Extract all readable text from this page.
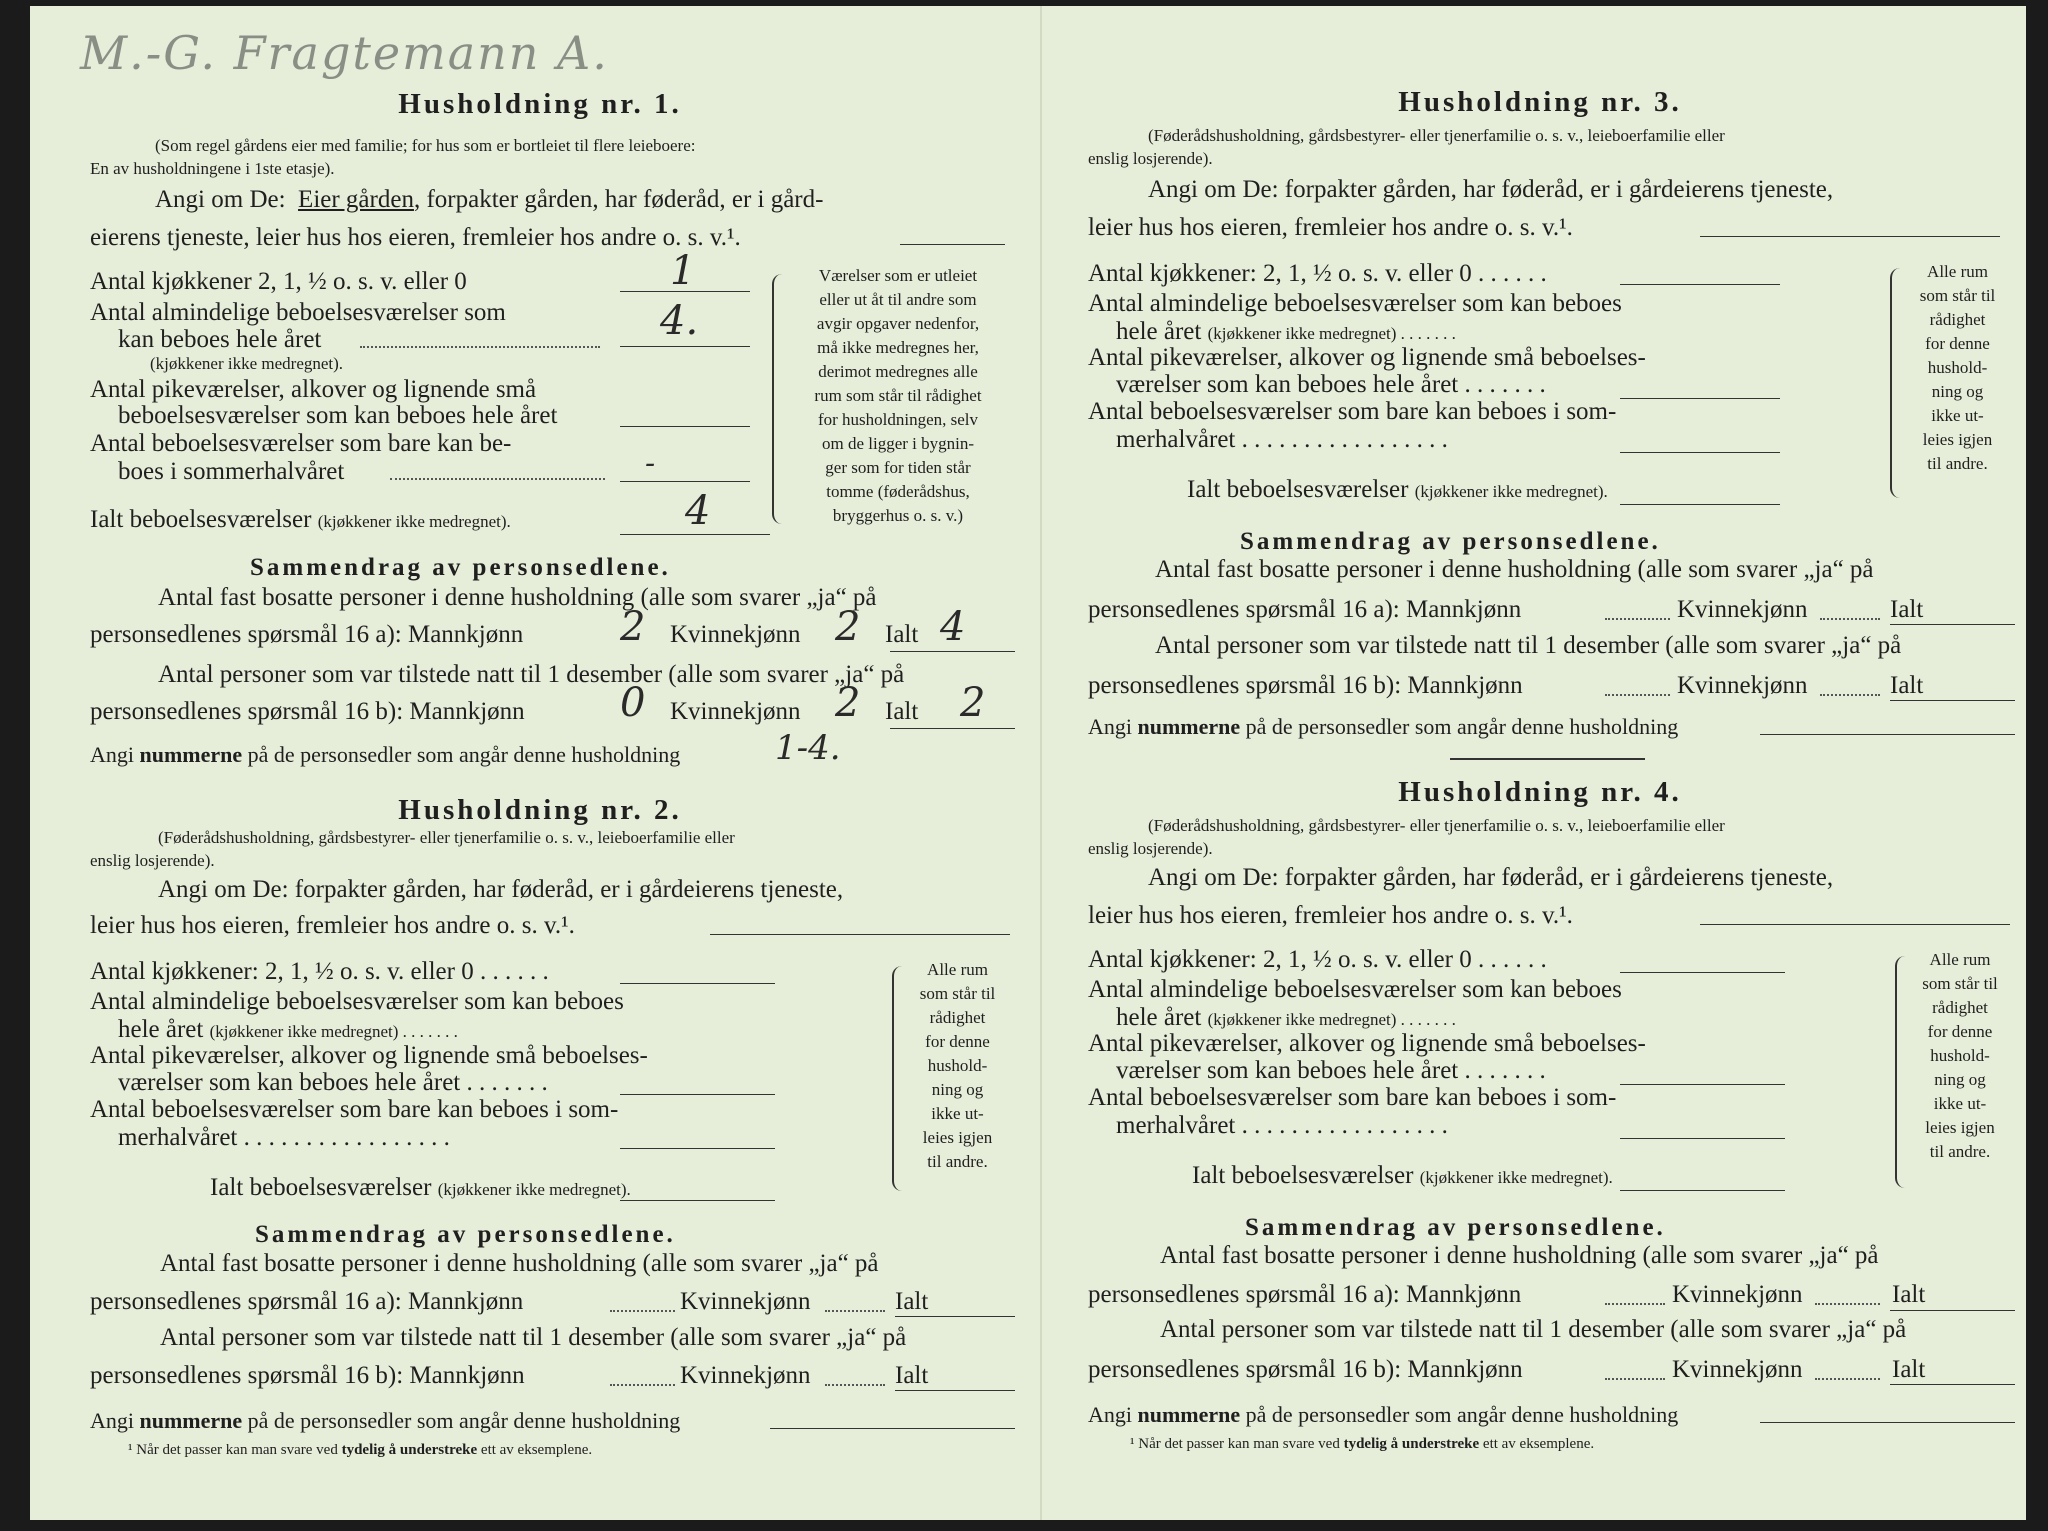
M.-G. Fragtemann A.
Husholdning nr. 1.
(Som regel gårdens eier med familie; for hus som er bortleiet til flere leieboere:
En av husholdningene i 1ste etasje).
Angi om De: Eier gården, forpakter gården, har føderåd, er i gård-
eierens tjeneste, leier hus hos eieren, fremleier hos andre o. s. v.¹.
Antal kjøkkener 2, 1, ½ o. s. v. eller 0	1
Antal almindelige beboelsesværelser som
kan beboes hele året
(kjøkkener ikke medregnet).
4.
Antal pikeværelser, alkover og lignende små
beboelsesværelser som kan beboes hele året
Antal beboelsesværelser som bare kan be-
boes i sommerhalvåret	-
Ialt beboelsesværelser (kjøkkener ikke medregnet).	4
Værelser som er utleiet
eller ut åt til andre som
avgir opgaver nedenfor,
må ikke medregnes her,
derimot medregnes alle
rum som står til rådighet
for husholdningen, selv
om de ligger i bygnin-
ger som for tiden står
tomme (føderådshus,
bryggerhus o. s. v.)
Sammendrag av personsedlene.
Antal fast bosatte personer i denne husholdning (alle som svarer „ja“ på
personsedlenes spørsmål 16 a): Mannkjønn 2 Kvinnekjønn 2 Ialt 4
Antal personer som var tilstede natt til 1 desember (alle som svarer „ja“ på
personsedlenes spørsmål 16 b): Mannkjønn 0 Kvinnekjønn 2 Ialt 2
Angi nummerne på de personsedler som angår denne husholdning	1-4.
Husholdning nr. 2.
(Føderådshusholdning, gårdsbestyrer- eller tjenerfamilie o. s. v., leieboerfamilie eller
enslig losjerende).
Angi om De: forpakter gården, har føderåd, er i gårdeierens tjeneste,
leier hus hos eieren, fremleier hos andre o. s. v.¹.
Antal kjøkkener: 2, 1, ½ o. s. v. eller 0 . . . . . .
Antal almindelige beboelsesværelser som kan beboes
hele året (kjøkkener ikke medregnet) . . . . . . .
Antal pikeværelser, alkover og lignende små beboelses-
værelser som kan beboes hele året . . . . . . .
Antal beboelsesværelser som bare kan beboes i som-
merhalvåret . . . . . . . . . . . . . . . . .
Ialt beboelsesværelser (kjøkkener ikke medregnet).
Alle rum
som står til
rådighet
for denne
hushold-
ning og
ikke ut-
leies igjen
til andre.
Sammendrag av personsedlene.
Antal fast bosatte personer i denne husholdning (alle som svarer „ja“ på
personsedlenes spørsmål 16 a): Mannkjønn	Kvinnekjønn	Ialt
Antal personer som var tilstede natt til 1 desember (alle som svarer „ja“ på
personsedlenes spørsmål 16 b): Mannkjønn	Kvinnekjønn	Ialt
Angi nummerne på de personsedler som angår denne husholdning
¹ Når det passer kan man svare ved tydelig å understreke ett av eksemplene.
Husholdning nr. 3.
(Føderådshusholdning, gårdsbestyrer- eller tjenerfamilie o. s. v., leieboerfamilie eller
enslig losjerende).
Angi om De: forpakter gården, har føderåd, er i gårdeierens tjeneste,
leier hus hos eieren, fremleier hos andre o. s. v.¹.
Antal kjøkkener: 2, 1, ½ o. s. v. eller 0 . . . . . .
Antal almindelige beboelsesværelser som kan beboes
hele året (kjøkkener ikke medregnet) . . . . . . .
Antal pikeværelser, alkover og lignende små beboelses-
værelser som kan beboes hele året . . . . . . .
Antal beboelsesværelser som bare kan beboes i som-
merhalvåret . . . . . . . . . . . . . . . . .
Ialt beboelsesværelser (kjøkkener ikke medregnet).
Alle rum
som står til
rådighet
for denne
hushold-
ning og
ikke ut-
leies igjen
til andre.
Sammendrag av personsedlene.
Antal fast bosatte personer i denne husholdning (alle som svarer „ja“ på
personsedlenes spørsmål 16 a): Mannkjønn	Kvinnekjønn	Ialt
Antal personer som var tilstede natt til 1 desember (alle som svarer „ja“ på
personsedlenes spørsmål 16 b): Mannkjønn	Kvinnekjønn	Ialt
Angi nummerne på de personsedler som angår denne husholdning
Husholdning nr. 4.
(Føderådshusholdning, gårdsbestyrer- eller tjenerfamilie o. s. v., leieboerfamilie eller
enslig losjerende).
Angi om De: forpakter gården, har føderåd, er i gårdeierens tjeneste,
leier hus hos eieren, fremleier hos andre o. s. v.¹.
Antal kjøkkener: 2, 1, ½ o. s. v. eller 0 . . . . . .
Antal almindelige beboelsesværelser som kan beboes
hele året (kjøkkener ikke medregnet) . . . . . . .
Antal pikeværelser, alkover og lignende små beboelses-
værelser som kan beboes hele året . . . . . . .
Antal beboelsesværelser som bare kan beboes i som-
merhalvåret . . . . . . . . . . . . . . . . .
Ialt beboelsesværelser (kjøkkener ikke medregnet).
Alle rum
som står til
rådighet
for denne
hushold-
ning og
ikke ut-
leies igjen
til andre.
Sammendrag av personsedlene.
Antal fast bosatte personer i denne husholdning (alle som svarer „ja“ på
personsedlenes spørsmål 16 a): Mannkjønn	Kvinnekjønn	Ialt
Antal personer som var tilstede natt til 1 desember (alle som svarer „ja“ på
personsedlenes spørsmål 16 b): Mannkjønn	Kvinnekjønn	Ialt
Angi nummerne på de personsedler som angår denne husholdning
¹ Når det passer kan man svare ved tydelig å understreke ett av eksemplene.
